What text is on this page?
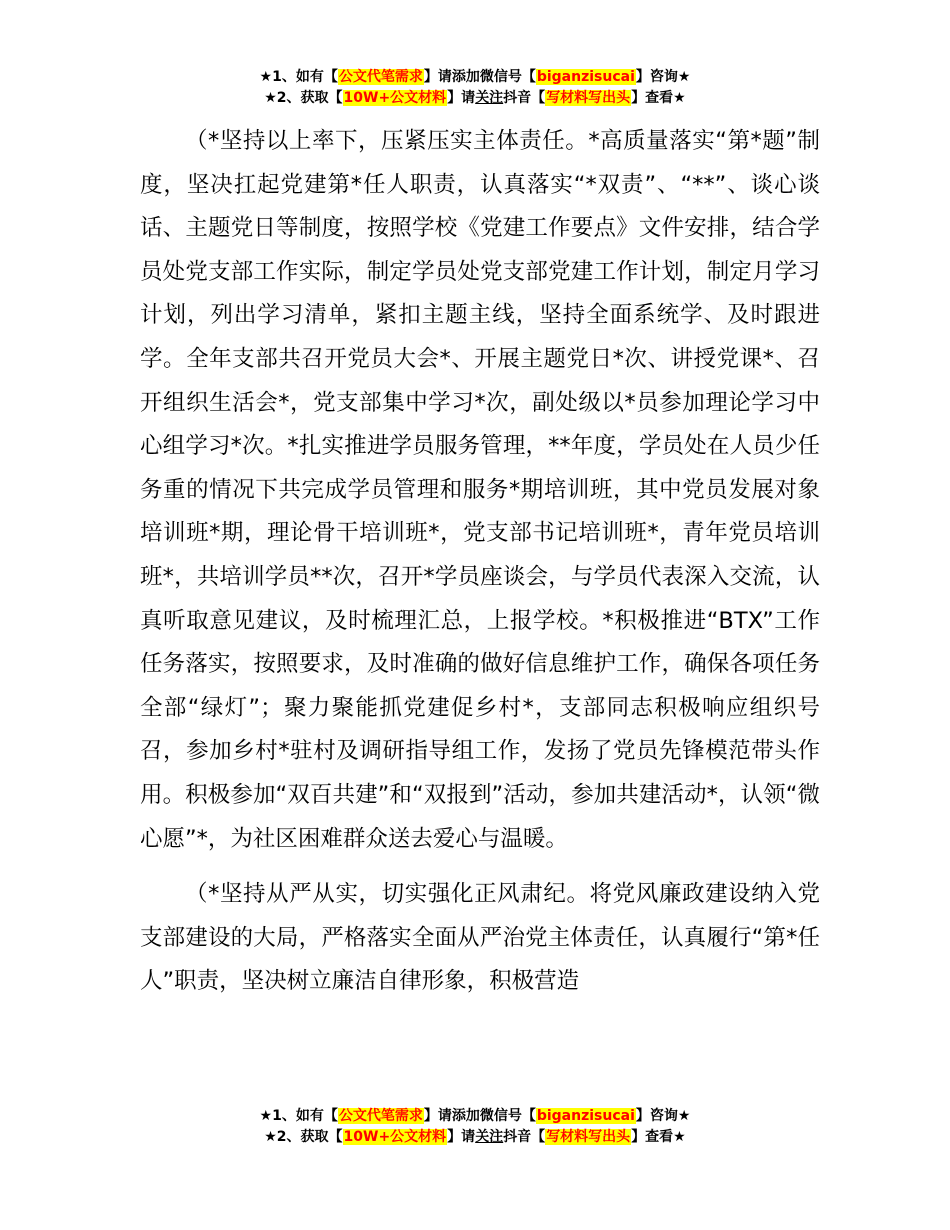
★1、如有【公文代笔需求】请添加微信号【biganzisucai】咨询★
★2、获取【10W+公文材料】请关注抖音【写材料写出头】查看★

（*坚持以上率下，压紧压实主体责任。*高质量落实“第*题”制度，坚决扛起党建第*任人职责，认真落实“*双责”、“**”、谈心谈话、主题党日等制度，按照学校《党建工作要点》文件安排，结合学员处党支部工作实际，制定学员处党支部党建工作计划，制定月学习计划，列出学习清单，紧扣主题主线，坚持全面系统学、及时跟进学。全年支部共召开党员大会*、开展主题党日*次、讲授党课*、召开组织生活会*，党支部集中学习*次，副处级以*员参加理论学习中心组学习*次。*扎实推进学员服务管理，**年度，学员处在人员少任务重的情况下共完成学员管理和服务*期培训班，其中党员发展对象培训班*期，理论骨干培训班*，党支部书记培训班*，青年党员培训班*，共培训学员**次，召开*学员座谈会，与学员代表深入交流，认真听取意见建议，及时梳理汇总，上报学校。*积极推进“BTX”工作任务落实，按照要求，及时准确的做好信息维护工作，确保各项任务全部“绿灯”；聚力聚能抓党建促乡村*，支部同志积极响应组织号召，参加乡村*驻村及调研指导组工作，发扬了党员先锋模范带头作用。积极参加“双百共建”和“双报到”活动，参加共建活动*，认领“微心愿”*，为社区困难群众送去爱心与温暖。

（*坚持从严从实，切实强化正风肃纪。将党风廉政建设纳入党支部建设的大局，严格落实全面从严治党主体责任，认真履行“第*任人”职责，坚决树立廉洁自律形象，积极营造

★1、如有【公文代笔需求】请添加微信号【biganzisucai】咨询★
★2、获取【10W+公文材料】请关注抖音【写材料写出头】查看★
